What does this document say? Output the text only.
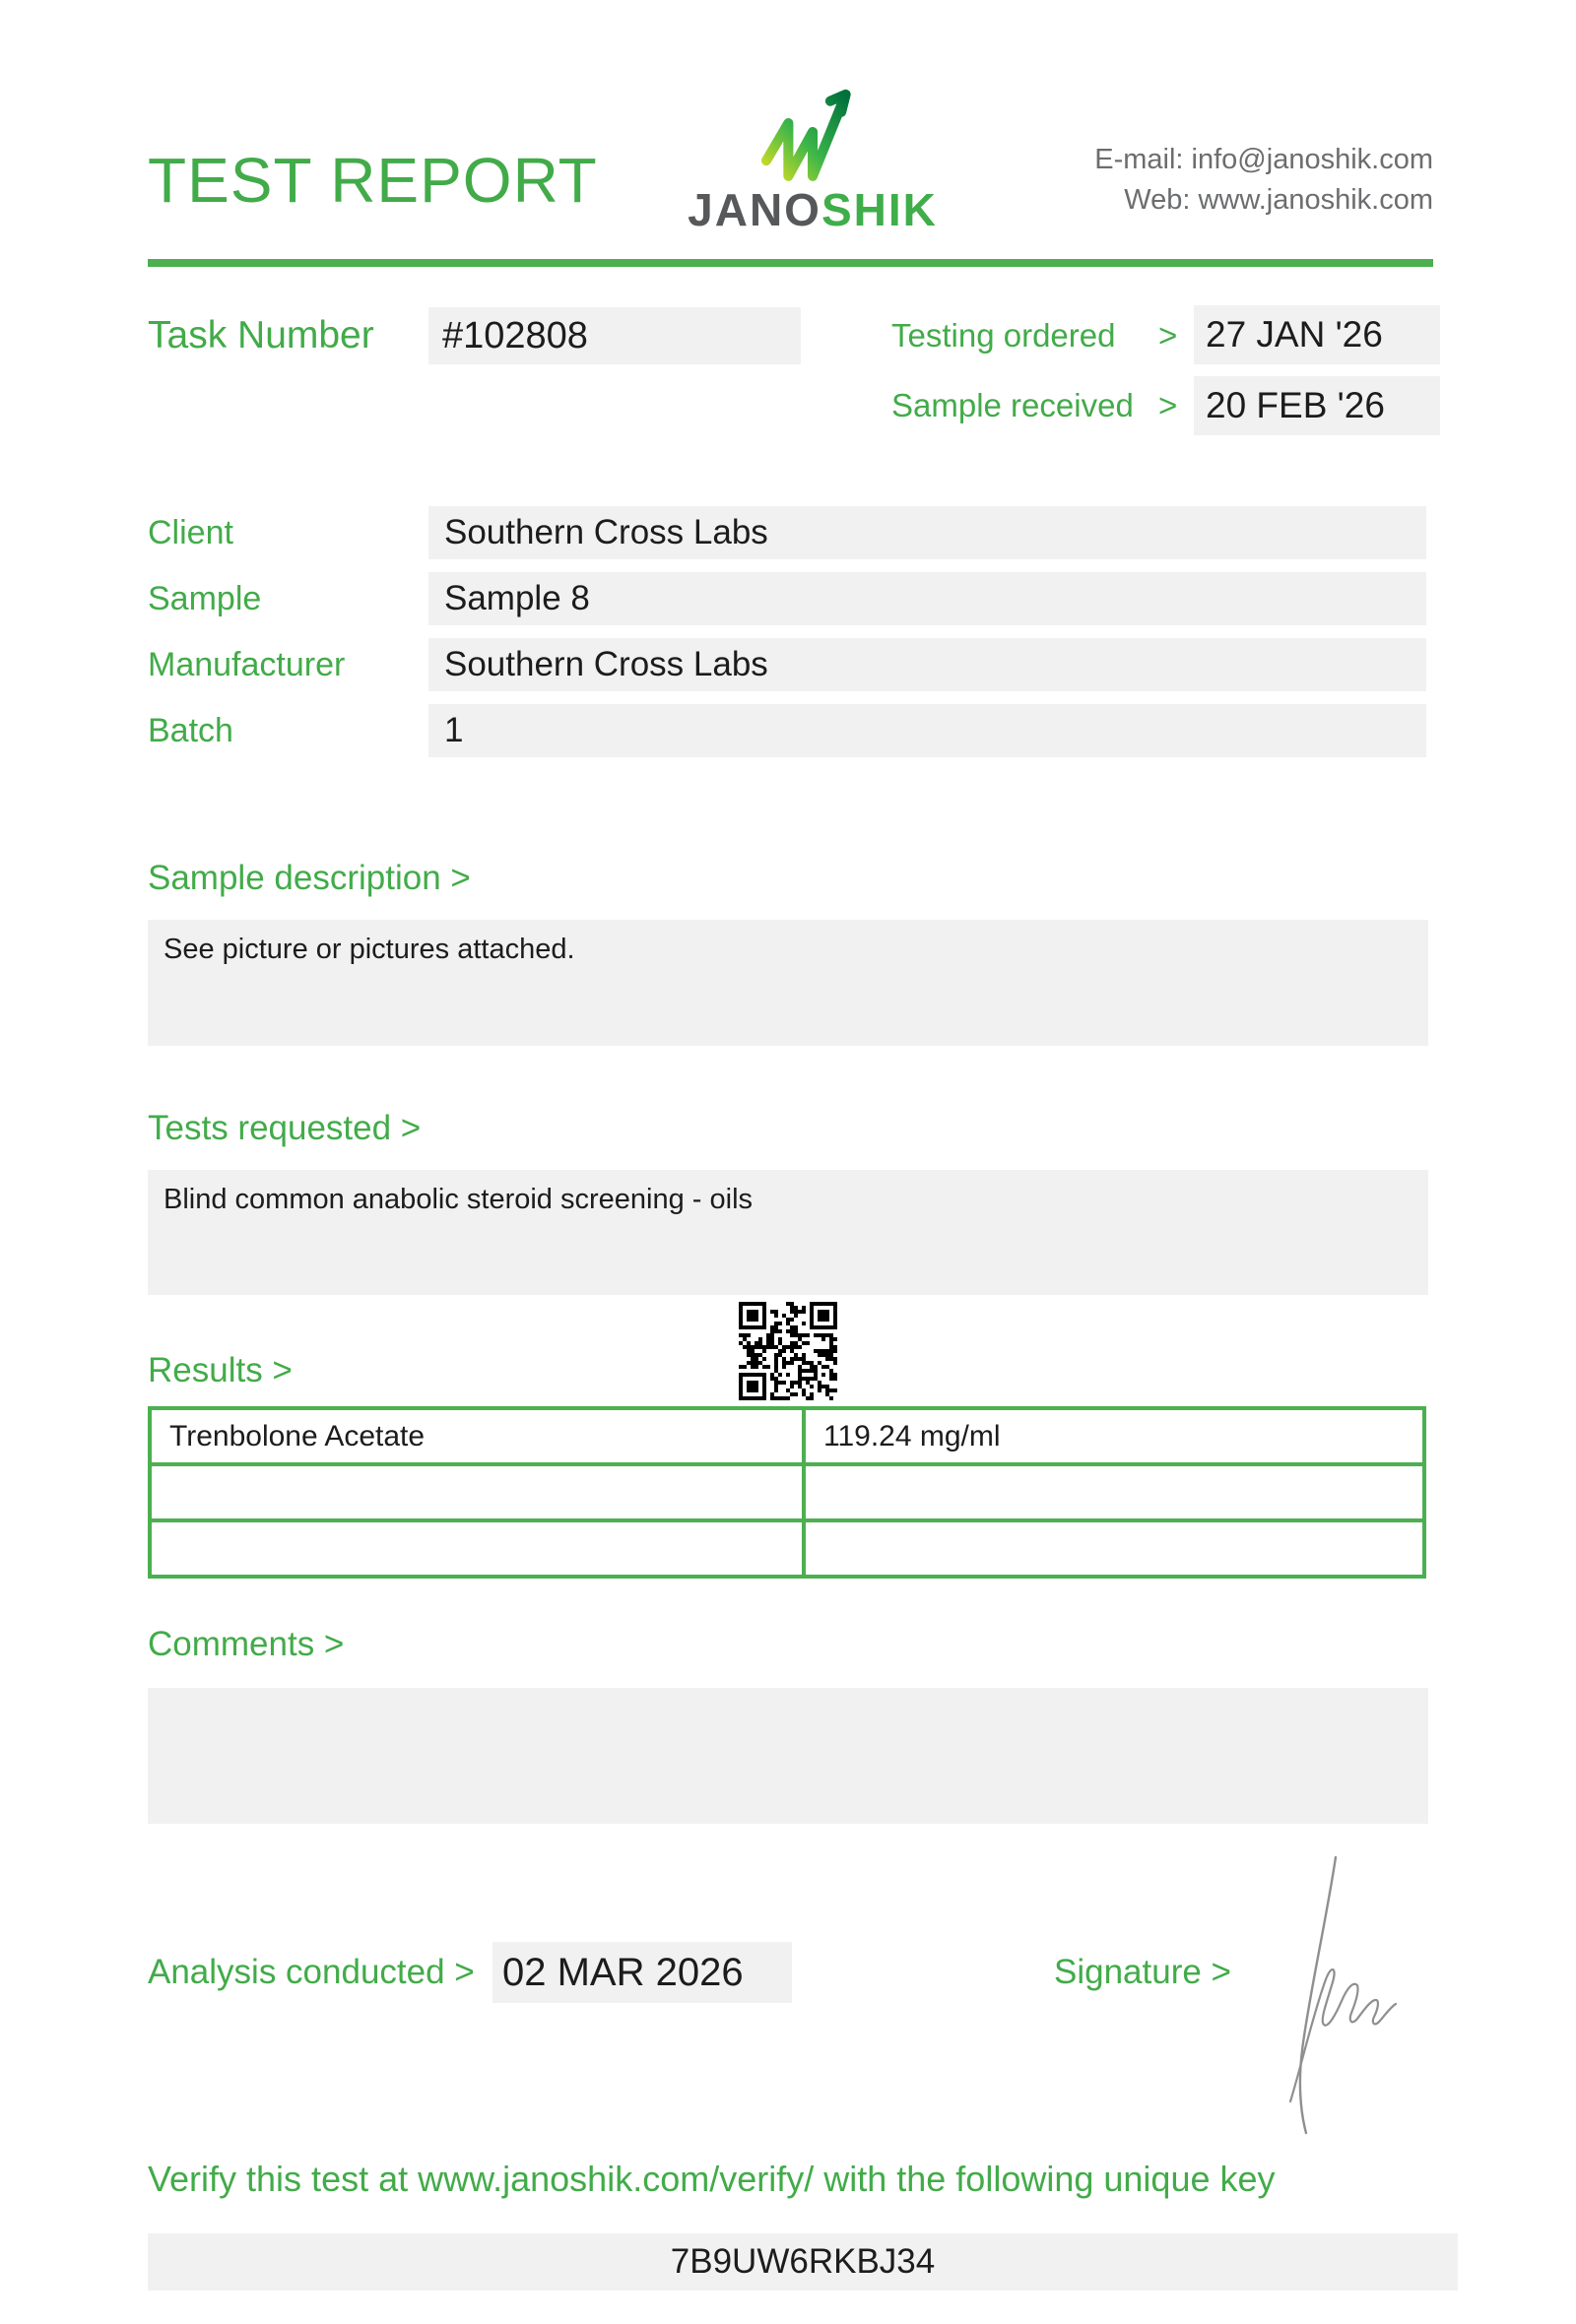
TEST REPORT JANOSHIK
E-mail: info@janoshik.com
Web: www.janoshik.com
Task Number	#102808	Testing ordered > 27 JAN '26
Sample received > 20 FEB '26
Client	Southern Cross Labs
Sample	Sample 8
Manufacturer	Southern Cross Labs
Batch	1
Sample description >
See picture or pictures attached.
Tests requested >
Blind common anabolic steroid screening - oils
Results >
Trenbolone Acetate	119.24 mg/ml
Comments >
Analysis conducted > 02 MAR 2026	Signature >
Verify this test at www.janoshik.com/verify/ with the following unique key
7B9UW6RKBJ34
